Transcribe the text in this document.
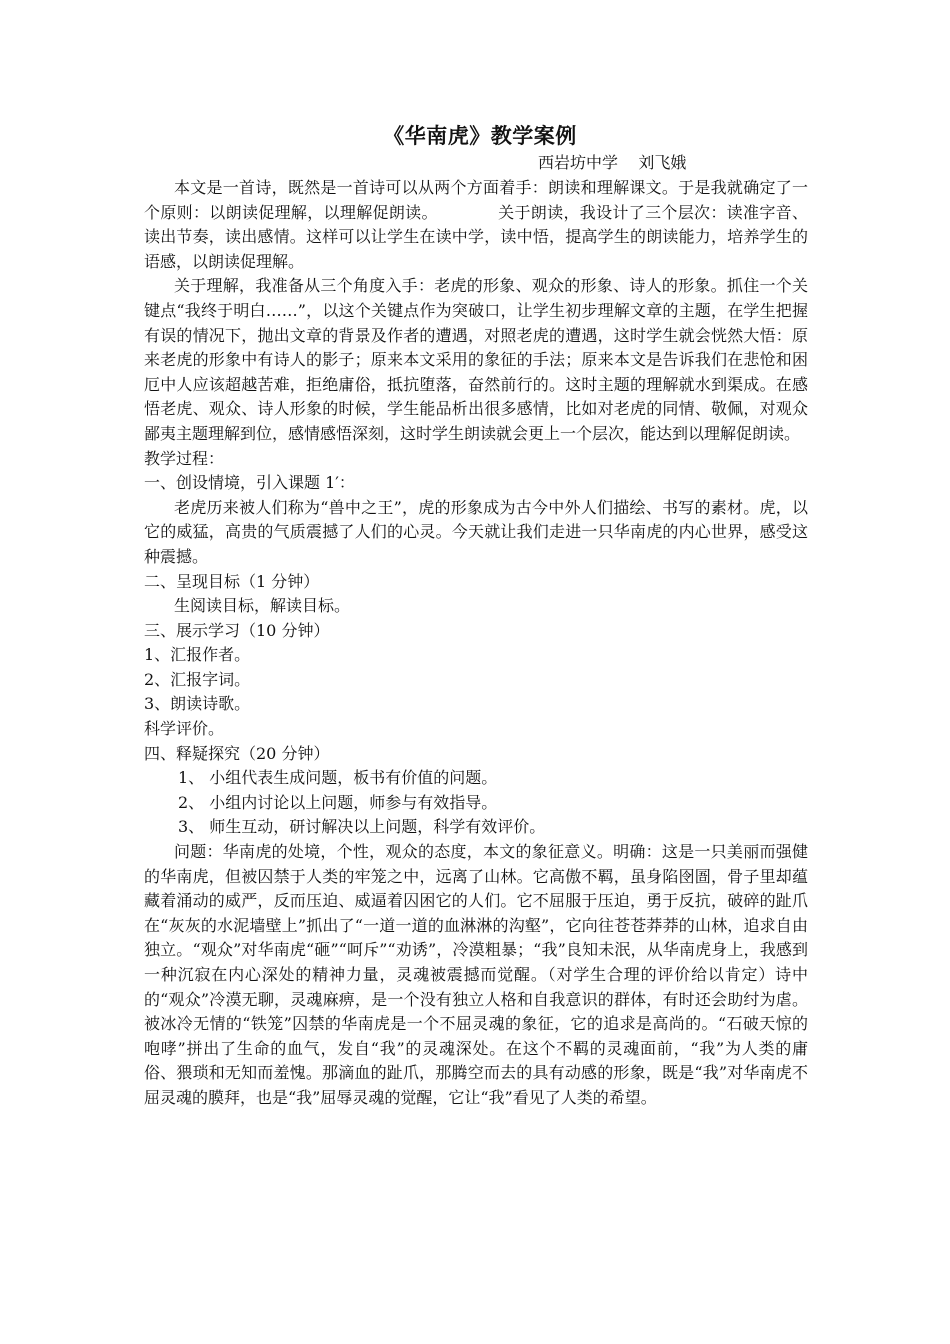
《华南虎》教学案例
西岩坊中学    刘飞娥

本文是一首诗，既然是一首诗可以从两个方面着手：朗读和理解课文。于是我就确定了一个原则：以朗读促理解，以理解促朗读。	关于朗读，我设计了三个层次：读准字音、读出节奏，读出感情。这样可以让学生在读中学，读中悟，提高学生的朗读能力，培养学生的语感，以朗读促理解。

关于理解，我准备从三个角度入手：老虎的形象、观众的形象、诗人的形象。抓住一个关键点“我终于明白……”，以这个关键点作为突破口，让学生初步理解文章的主题，在学生把握有误的情况下，抛出文章的背景及作者的遭遇，对照老虎的遭遇，这时学生就会恍然大悟：原来老虎的形象中有诗人的影子；原来本文采用的象征的手法；原来本文是告诉我们在悲怆和困厄中人应该超越苦难，拒绝庸俗，抵抗堕落，奋然前行的。这时主题的理解就水到渠成。在感悟老虎、观众、诗人形象的时候，学生能品析出很多感情，比如对老虎的同情、敬佩，对观众鄙夷主题理解到位，感情感悟深刻，这时学生朗读就会更上一个层次，能达到以理解促朗读。

教学过程：

一、创设情境，引入课题 1′：

老虎历来被人们称为“兽中之王”，虎的形象成为古今中外人们描绘、书写的素材。虎，以它的威猛，高贵的气质震撼了人们的心灵。今天就让我们走进一只华南虎的内心世界，感受这种震撼。

二、呈现目标（1 分钟）

生阅读目标，解读目标。

三、展示学习（10 分钟）

1、汇报作者。

2、汇报字词。

3、朗读诗歌。

科学评价。

四、释疑探究（20 分钟）

1、 小组代表生成问题，板书有价值的问题。

2、 小组内讨论以上问题，师参与有效指导。

3、 师生互动，研讨解决以上问题，科学有效评价。

问题：华南虎的处境，个性，观众的态度，本文的象征意义。明确：这是一只美丽而强健的华南虎，但被囚禁于人类的牢笼之中，远离了山林。它高傲不羁，虽身陷囹圄，骨子里却蕴藏着涌动的威严，反而压迫、威逼着囚困它的人们。它不屈服于压迫，勇于反抗，破碎的趾爪在“灰灰的水泥墙壁上”抓出了“一道一道的血淋淋的沟壑”，它向往苍苍莽莽的山林，追求自由独立。“观众”对华南虎“砸”“呵斥”“劝诱”，冷漠粗暴；“我”良知未泯，从华南虎身上，我感到一种沉寂在内心深处的精神力量，灵魂被震撼而觉醒。（对学生合理的评价给以肯定）诗中的“观众”冷漠无聊，灵魂麻痹，是一个没有独立人格和自我意识的群体，有时还会助纣为虐。被冰冷无情的“铁笼”囚禁的华南虎是一个不屈灵魂的象征，它的追求是高尚的。“石破天惊的咆哮”拼出了生命的血气，发自“我”的灵魂深处。在这个不羁的灵魂面前，“我”为人类的庸俗、猥琐和无知而羞愧。那滴血的趾爪，那腾空而去的具有动感的形象，既是“我”对华南虎不屈灵魂的膜拜，也是“我”屈辱灵魂的觉醒，它让“我”看见了人类的希望。
